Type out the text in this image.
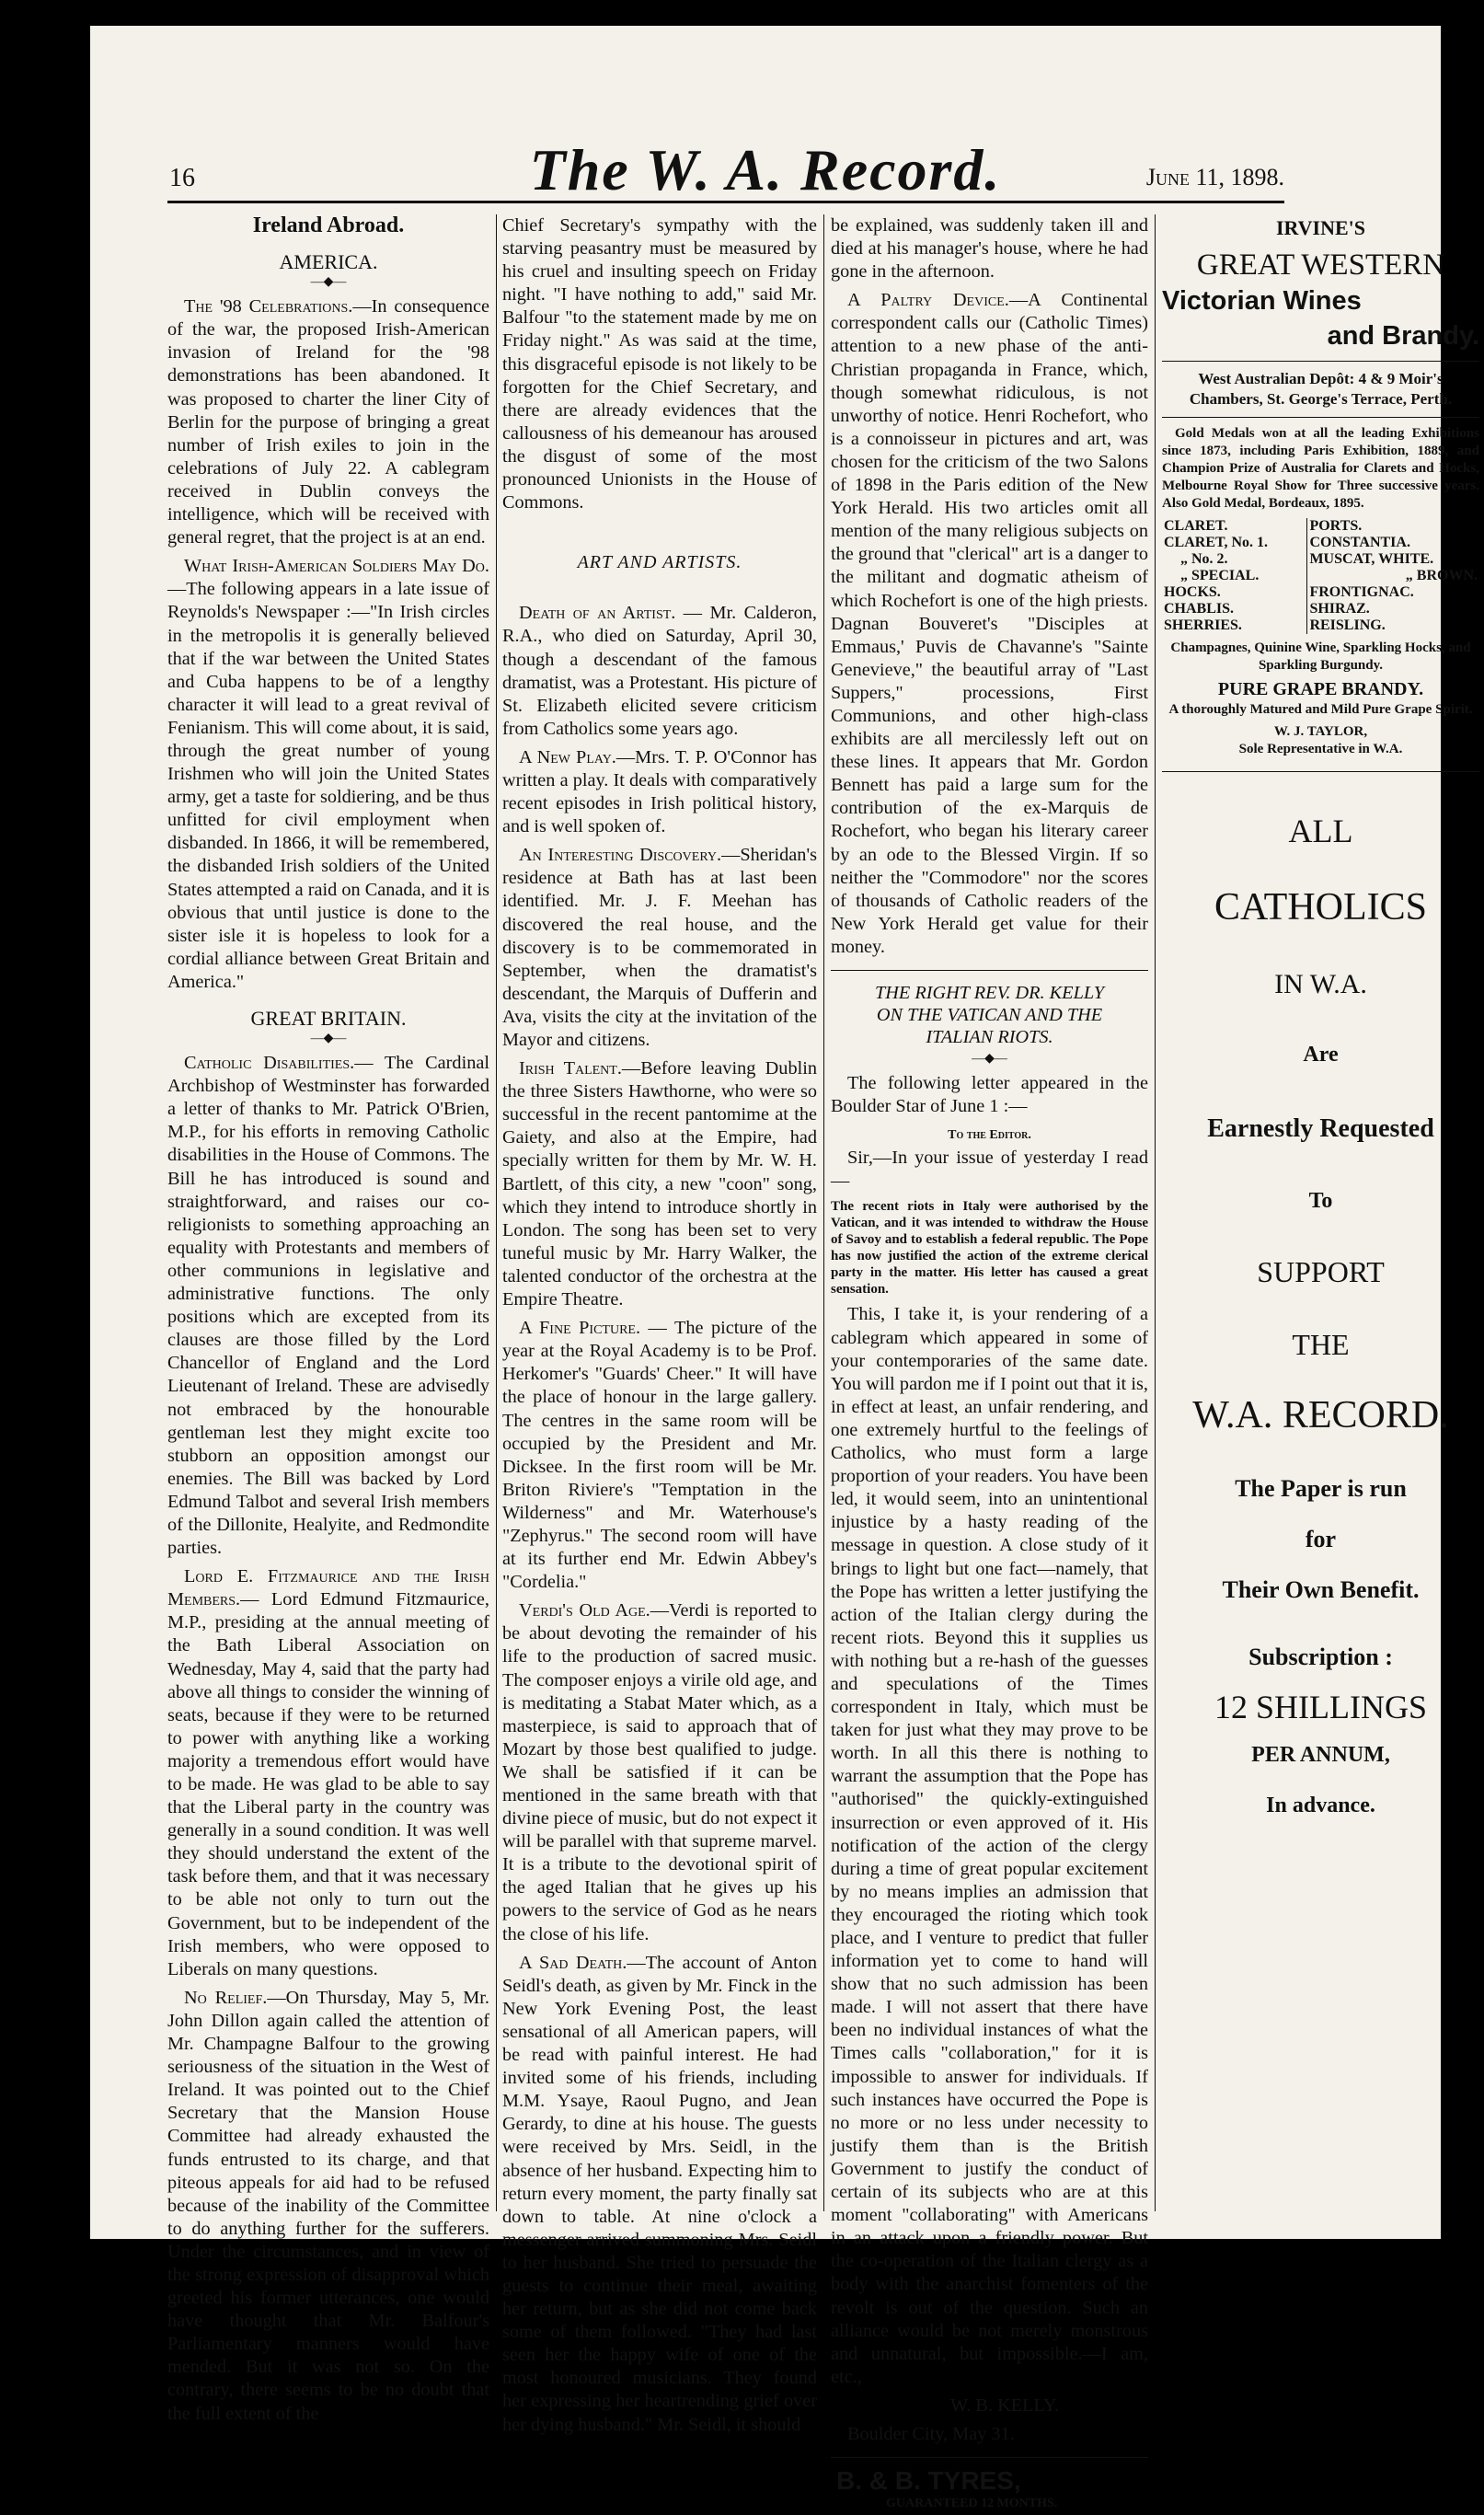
16	The W. A. Record.	June 11, 1898.
Ireland Abroad.
AMERICA.
—◆—

The '98 Celebrations.—In consequence of the war, the proposed Irish-American invasion of Ireland for the '98 demonstrations has been abandoned. It was proposed to charter the liner City of Berlin for the purpose of bringing a great number of Irish exiles to join in the celebrations of July 22. A cablegram received in Dublin conveys the intelligence, which will be received with general regret, that the project is at an end.

What Irish-American Soldiers May Do.—The following appears in a late issue of Reynolds's Newspaper :—"In Irish circles in the metropolis it is generally believed that if the war between the United States and Cuba happens to be of a lengthy character it will lead to a great revival of Fenianism. This will come about, it is said, through the great number of young Irishmen who will join the United States army, get a taste for soldiering, and be thus unfitted for civil employment when disbanded. In 1866, it will be remembered, the disbanded Irish soldiers of the United States attempted a raid on Canada, and it is obvious that until justice is done to the sister isle it is hopeless to look for a cordial alliance between Great Britain and America."

GREAT BRITAIN.
—◆—

Catholic Disabilities.— The Cardinal Archbishop of Westminster has forwarded a letter of thanks to Mr. Patrick O'Brien, M.P., for his efforts in removing Catholic disabilities in the House of Commons. The Bill he has introduced is sound and straightforward, and raises our co-religionists to something approaching an equality with Protestants and members of other communions in legislative and administrative functions. The only positions which are excepted from its clauses are those filled by the Lord Chancellor of England and the Lord Lieutenant of Ireland. These are advisedly not embraced by the honourable gentleman lest they might excite too stubborn an opposition amongst our enemies. The Bill was backed by Lord Edmund Talbot and several Irish members of the Dillonite, Healyite, and Redmondite parties.

Lord E. Fitzmaurice and the Irish Members.— Lord Edmund Fitzmaurice, M.P., presiding at the annual meeting of the Bath Liberal Association on Wednesday, May 4, said that the party had above all things to consider the winning of seats, because if they were to be returned to power with anything like a working majority a tremendous effort would have to be made. He was glad to be able to say that the Liberal party in the country was generally in a sound condition. It was well they should understand the extent of the task before them, and that it was necessary to be able not only to turn out the Government, but to be independent of the Irish members, who were opposed to Liberals on many questions.

No Relief.—On Thursday, May 5, Mr. John Dillon again called the attention of Mr. Champagne Balfour to the growing seriousness of the situation in the West of Ireland. It was pointed out to the Chief Secretary that the Mansion House Committee had already exhausted the funds entrusted to its charge, and that piteous appeals for aid had to be refused because of the inability of the Committee to do anything further for the sufferers. Under the circumstances, and in view of the strong expression of disapproval which greeted his former utterances, one would have thought that Mr. Balfour's Parliamentary manners would have mended. But it was not so. On the contrary, there seems to be no doubt that the full extent of the

Chief Secretary's sympathy with the starving peasantry must be measured by his cruel and insulting speech on Friday night. "I have nothing to add," said Mr. Balfour "to the statement made by me on Friday night." As was said at the time, this disgraceful episode is not likely to be forgotten for the Chief Secretary, and there are already evidences that the callousness of his demeanour has aroused the disgust of some of the most pronounced Unionists in the House of Commons.

ART AND ARTISTS.

Death of an Artist. — Mr. Calderon, R.A., who died on Saturday, April 30, though a descendant of the famous dramatist, was a Protestant. His picture of St. Elizabeth elicited severe criticism from Catholics some years ago.

A New Play.—Mrs. T. P. O'Connor has written a play. It deals with comparatively recent episodes in Irish political history, and is well spoken of.

An Interesting Discovery.—Sheridan's residence at Bath has at last been identified. Mr. J. F. Meehan has discovered the real house, and the discovery is to be commemorated in September, when the dramatist's descendant, the Marquis of Dufferin and Ava, visits the city at the invitation of the Mayor and citizens.

Irish Talent.—Before leaving Dublin the three Sisters Hawthorne, who were so successful in the recent pantomime at the Gaiety, and also at the Empire, had specially written for them by Mr. W. H. Bartlett, of this city, a new "coon" song, which they intend to introduce shortly in London. The song has been set to very tuneful music by Mr. Harry Walker, the talented conductor of the orchestra at the Empire Theatre.

A Fine Picture. — The picture of the year at the Royal Academy is to be Prof. Herkomer's "Guards' Cheer." It will have the place of honour in the large gallery. The centres in the same room will be occupied by the President and Mr. Dicksee. In the first room will be Mr. Briton Riviere's "Temptation in the Wilderness" and Mr. Waterhouse's "Zephyrus." The second room will have at its further end Mr. Edwin Abbey's "Cordelia."

Verdi's Old Age.—Verdi is reported to be about devoting the remainder of his life to the production of sacred music. The composer enjoys a virile old age, and is meditating a Stabat Mater which, as a masterpiece, is said to approach that of Mozart by those best qualified to judge. We shall be satisfied if it can be mentioned in the same breath with that divine piece of music, but do not expect it will be parallel with that supreme marvel. It is a tribute to the devotional spirit of the aged Italian that he gives up his powers to the service of God as he nears the close of his life.

A Sad Death.—The account of Anton Seidl's death, as given by Mr. Finck in the New York Evening Post, the least sensational of all American papers, will be read with painful interest. He had invited some of his friends, including M.M. Ysaye, Raoul Pugno, and Jean Gerardy, to dine at his house. The guests were received by Mrs. Seidl, in the absence of her husband. Expecting him to return every moment, the party finally sat down to table. At nine o'clock a messenger arrived summoning Mrs. Seidl to her husband. She tried to persuade the guests to continue their meal, awaiting her return, but as she did not come back some of them followed. "They had last seen her the happy wife of one of the most honoured musicians. They found her expressing her heartrending grief over her dying husband." Mr. Seidl, it should

be explained, was suddenly taken ill and died at his manager's house, where he had gone in the afternoon.

A Paltry Device.—A Continental correspondent calls our (Catholic Times) attention to a new phase of the anti-Christian propaganda in France, which, though somewhat ridiculous, is not unworthy of notice. Henri Rochefort, who is a connoisseur in pictures and art, was chosen for the criticism of the two Salons of 1898 in the Paris edition of the New York Herald. His two articles omit all mention of the many religious subjects on the ground that "clerical" art is a danger to the militant and dogmatic atheism of which Rochefort is one of the high priests. Dagnan Bouveret's "Disciples at Emmaus,' Puvis de Chavanne's "Sainte Genevieve," the beautiful array of "Last Suppers," processions, First Communions, and other high-class exhibits are all mercilessly left out on these lines. It appears that Mr. Gordon Bennett has paid a large sum for the contribution of the ex-Marquis de Rochefort, who began his literary career by an ode to the Blessed Virgin. If so neither the "Commodore" nor the scores of thousands of Catholic readers of the New York Herald get value for their money.

THE RIGHT REV. DR. KELLY
ON THE VATICAN AND THE
ITALIAN RIOTS.
—◆—

The following letter appeared in the Boulder Star of June 1 :—

To the Editor.

Sir,—In your issue of yesterday I read—

The recent riots in Italy were authorised by the Vatican, and it was intended to withdraw the House of Savoy and to establish a federal republic. The Pope has now justified the action of the extreme clerical party in the matter. His letter has caused a great sensation.

This, I take it, is your rendering of a cablegram which appeared in some of your contemporaries of the same date. You will pardon me if I point out that it is, in effect at least, an unfair rendering, and one extremely hurtful to the feelings of Catholics, who must form a large proportion of your readers. You have been led, it would seem, into an unintentional injustice by a hasty reading of the message in question. A close study of it brings to light but one fact—namely, that the Pope has written a letter justifying the action of the Italian clergy during the recent riots. Beyond this it supplies us with nothing but a re-hash of the guesses and speculations of the Times correspondent in Italy, which must be taken for just what they may prove to be worth. In all this there is nothing to warrant the assumption that the Pope has "authorised" the quickly-extinguished insurrection or even approved of it. His notification of the action of the clergy during a time of great popular excitement by no means implies an admission that they encouraged the rioting which took place, and I venture to predict that fuller information yet to come to hand will show that no such admission has been made. I will not assert that there have been no individual instances of what the Times calls "collaboration," for it is impossible to answer for individuals. If such instances have occurred the Pope is no more or no less under necessity to justify them than is the British Government to justify the conduct of certain of its subjects who are at this moment "collaborating" with Americans in an attack upon a friendly power. But the co-operation of the Italian clergy as a body with the anarchist fomenters of the revolt is out of the question. Such an alliance would be not merely monstrous and unnatural, but impossible.—I am, etc.,

W. B. KELLY.

Boulder City, May 31.

B. & B. TYRES,
GUARANTEED 12 MONTHS.
IRVINE'S
GREAT WESTERN
Victorian Wines
and Brandy.
West Australian Depôt: 4 & 9 Moir's Chambers, St. George's Terrace, Perth.
Gold Medals won at all the leading Exhibitions since 1873, including Paris Exhibition, 1889, and Champion Prize of Australia for Clarets and Hocks, Melbourne Royal Show for Three successive years. Also Gold Medal, Bordeaux, 1895.
CLARET.	PORTS.
CLARET, No. 1.	CONSTANTIA.
„ No. 2.	MUSCAT, WHITE.
„ SPECIAL.	„ BROWN.
HOCKS.	FRONTIGNAC.
CHABLIS.	SHIRAZ.
SHERRIES.	REISLING.
Champagnes, Quinine Wine, Sparkling Hocks, and Sparkling Burgundy.
PURE GRAPE BRANDY.
A thoroughly Matured and Mild Pure Grape Spirit.
W. J. TAYLOR,
Sole Representative in W.A.
ALL
CATHOLICS
IN W.A.
Are
Earnestly Requested
To
SUPPORT
THE
W.A. RECORD.
The Paper is run
for
Their Own Benefit.
Subscription :
12 SHILLINGS
PER ANNUM,
In advance.
